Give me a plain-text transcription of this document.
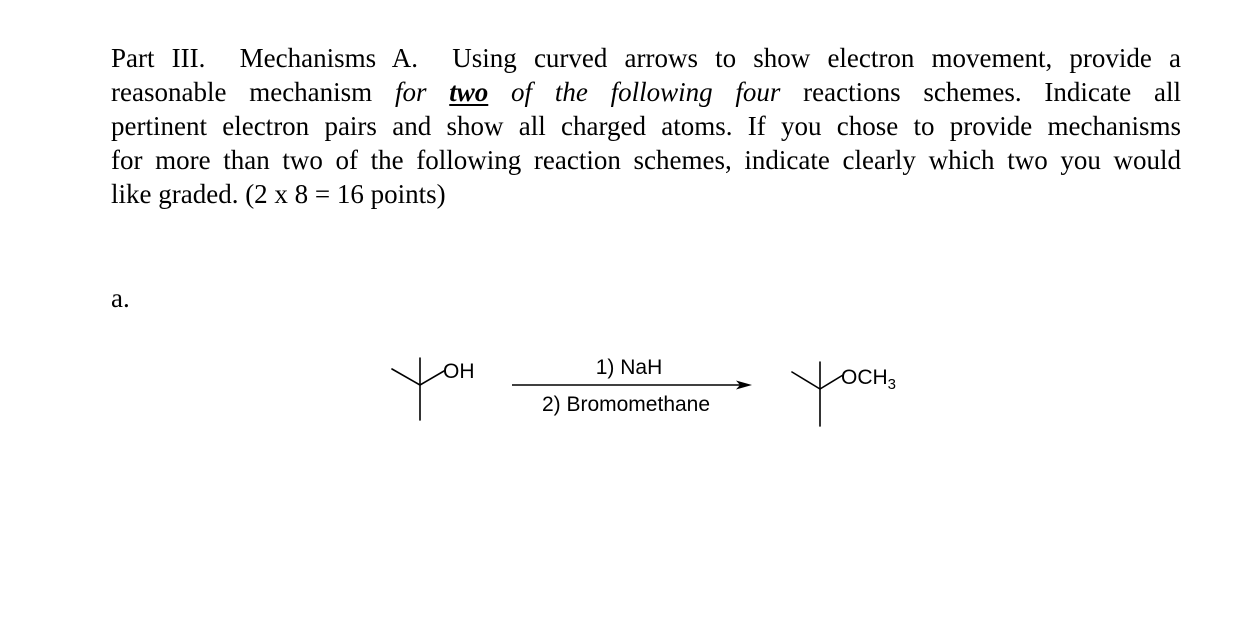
Part III. Mechanisms A. Using curved arrows to show electron movement, provide a
reasonable mechanism for two of the following four reactions schemes. Indicate all
pertinent electron pairs and show all charged atoms. If you chose to provide mechanisms
for more than two of the following reaction schemes, indicate clearly which two you would
like graded. (2 x 8 = 16 points)
a.
OH	1) NaH
2) Bromomethane
$OCH_3$
